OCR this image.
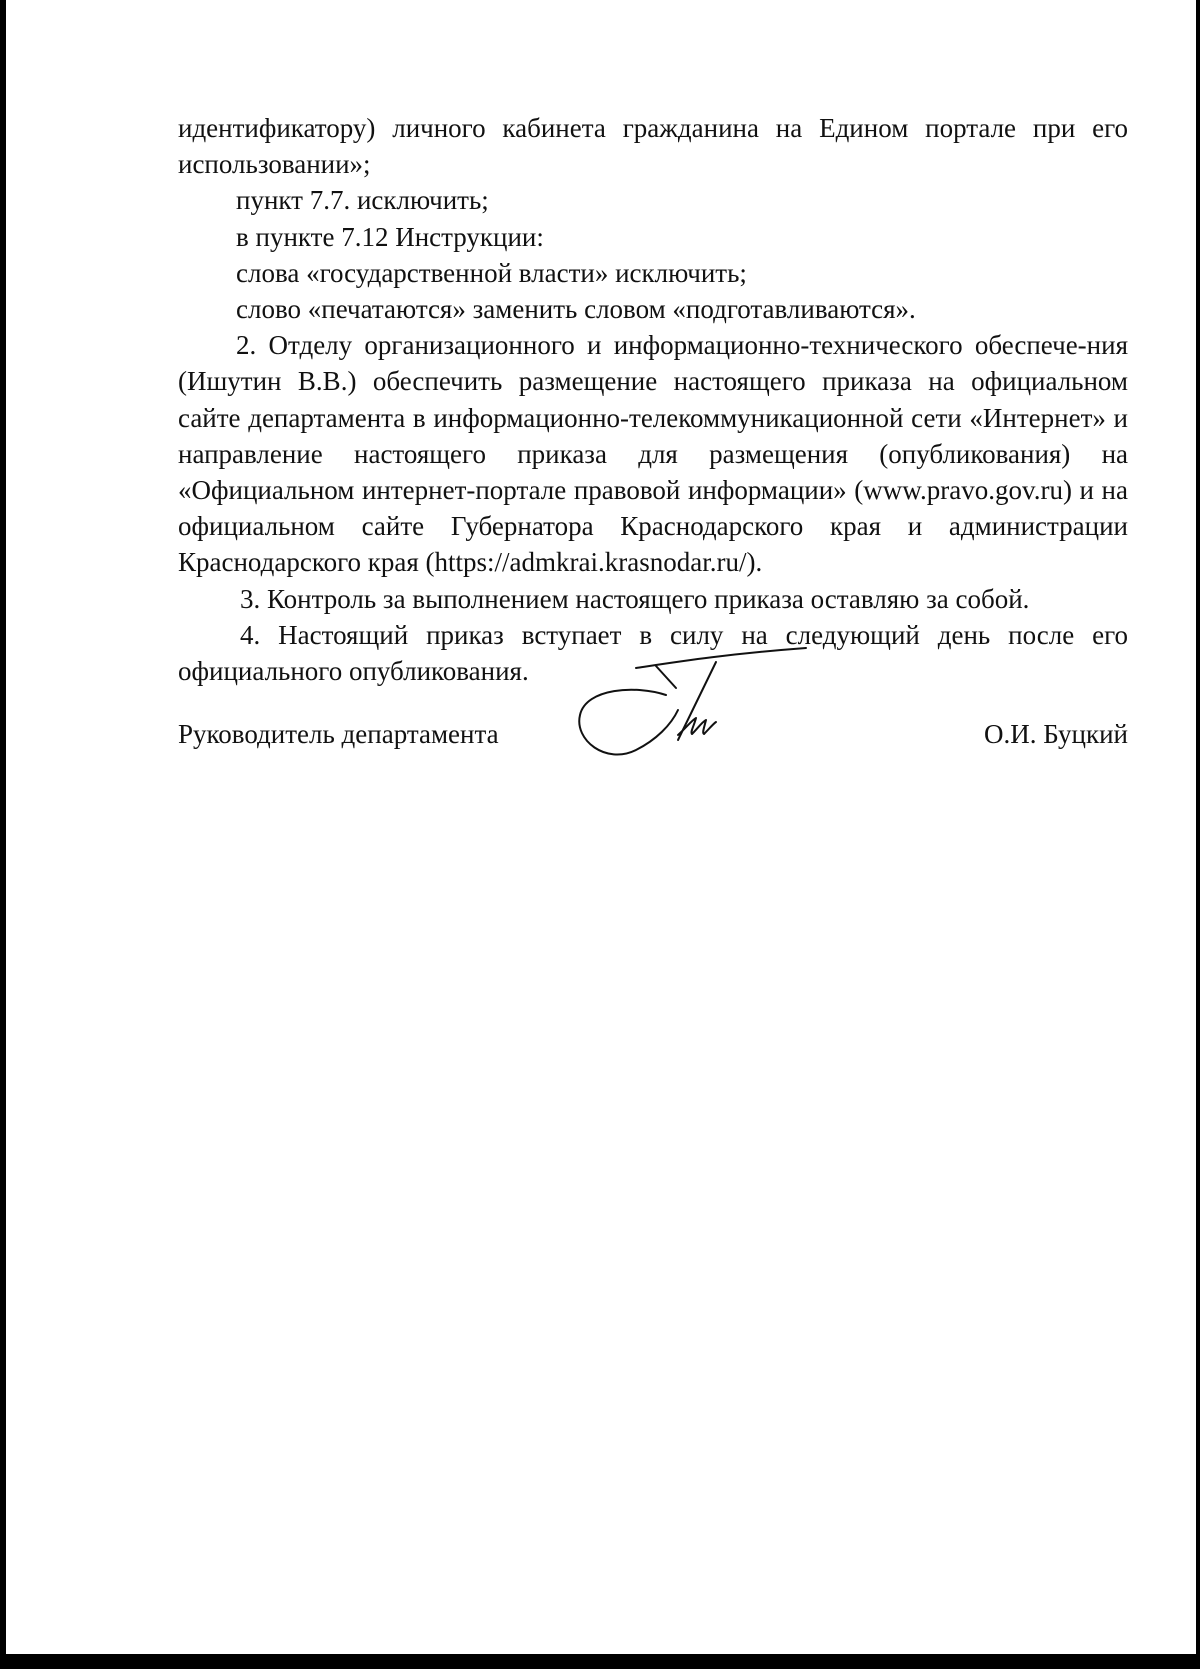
идентификатору) личного кабинета гражданина на Едином портале при его использовании»;

пункт 7.7. исключить;

в пункте 7.12 Инструкции:

слова «государственной власти» исключить;

слово «печатаются» заменить словом «подготавливаются».

2. Отделу организационного и информационно-технического обеспече-ния (Ишутин В.В.) обеспечить размещение настоящего приказа на официальном сайте департамента в информационно-телекоммуникационной сети «Интернет» и направление настоящего приказа для размещения (опубликования) на «Официальном интернет-портале правовой информации» (www.pravo.gov.ru) и на официальном сайте Губернатора Краснодарского края и администрации Краснодарского края (https://admkrai.krasnodar.ru/).

3. Контроль за выполнением настоящего приказа оставляю за собой.

4. Настоящий приказ вступает в силу на следующий день после его официального опубликования.

Руководитель департамента	О.И. Буцкий
